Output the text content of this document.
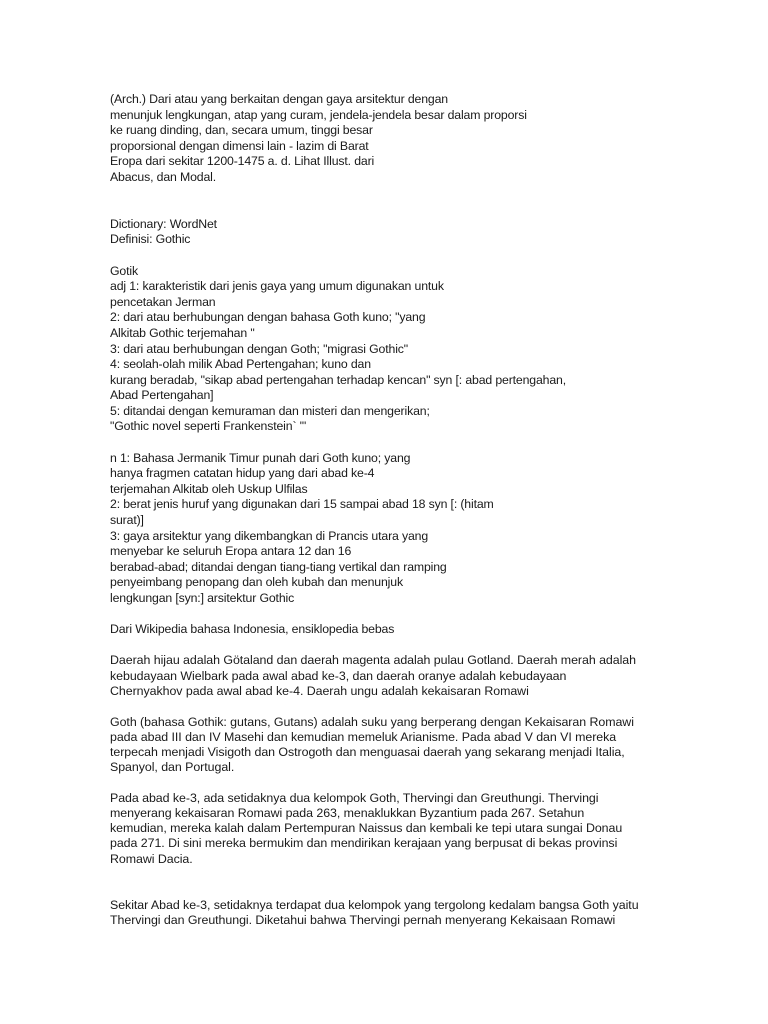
(Arch.) Dari atau yang berkaitan dengan gaya arsitektur dengan
menunjuk lengkungan, atap yang curam, jendela-jendela besar dalam proporsi
ke ruang dinding, dan, secara umum, tinggi besar
proporsional dengan dimensi lain - lazim di Barat
Eropa dari sekitar 1200-1475 a. d. Lihat Illust. dari
Abacus, dan Modal.
Dictionary: WordNet
Definisi: Gothic
Gotik
adj 1: karakteristik dari jenis gaya yang umum digunakan untuk
pencetakan Jerman
2: dari atau berhubungan dengan bahasa Goth kuno; "yang
Alkitab Gothic terjemahan "
3: dari atau berhubungan dengan Goth; "migrasi Gothic"
4: seolah-olah milik Abad Pertengahan; kuno dan
kurang beradab, "sikap abad pertengahan terhadap kencan" syn [: abad pertengahan,
Abad Pertengahan]
5: ditandai dengan kemuraman dan misteri dan mengerikan;
"Gothic novel seperti Frankenstein` '"
n 1: Bahasa Jermanik Timur punah dari Goth kuno; yang
hanya fragmen catatan hidup yang dari abad ke-4
terjemahan Alkitab oleh Uskup Ulfilas
2: berat jenis huruf yang digunakan dari 15 sampai abad 18 syn [: (hitam
surat)]
3: gaya arsitektur yang dikembangkan di Prancis utara yang
menyebar ke seluruh Eropa antara 12 dan 16
berabad-abad; ditandai dengan tiang-tiang vertikal dan ramping
penyeimbang penopang dan oleh kubah dan menunjuk
lengkungan [syn:] arsitektur Gothic
Dari Wikipedia bahasa Indonesia, ensiklopedia bebas
Daerah hijau adalah Götaland dan daerah magenta adalah pulau Gotland. Daerah merah adalah
kebudayaan Wielbark pada awal abad ke-3, dan daerah oranye adalah kebudayaan
Chernyakhov pada awal abad ke-4. Daerah ungu adalah kekaisaran Romawi
Goth (bahasa Gothik: gutans, Gutans) adalah suku yang berperang dengan Kekaisaran Romawi
pada abad III dan IV Masehi dan kemudian memeluk Arianisme. Pada abad V dan VI mereka
terpecah menjadi Visigoth dan Ostrogoth dan menguasai daerah yang sekarang menjadi Italia,
Spanyol, dan Portugal.
Pada abad ke-3, ada setidaknya dua kelompok Goth, Thervingi dan Greuthungi. Thervingi
menyerang kekaisaran Romawi pada 263, menaklukkan Byzantium pada 267. Setahun
kemudian, mereka kalah dalam Pertempuran Naissus dan kembali ke tepi utara sungai Donau
pada 271. Di sini mereka bermukim dan mendirikan kerajaan yang berpusat di bekas provinsi
Romawi Dacia.
Sekitar Abad ke-3, setidaknya terdapat dua kelompok yang tergolong kedalam bangsa Goth yaitu
Thervingi dan Greuthungi. Diketahui bahwa Thervingi pernah menyerang Kekaisaan Romawi
